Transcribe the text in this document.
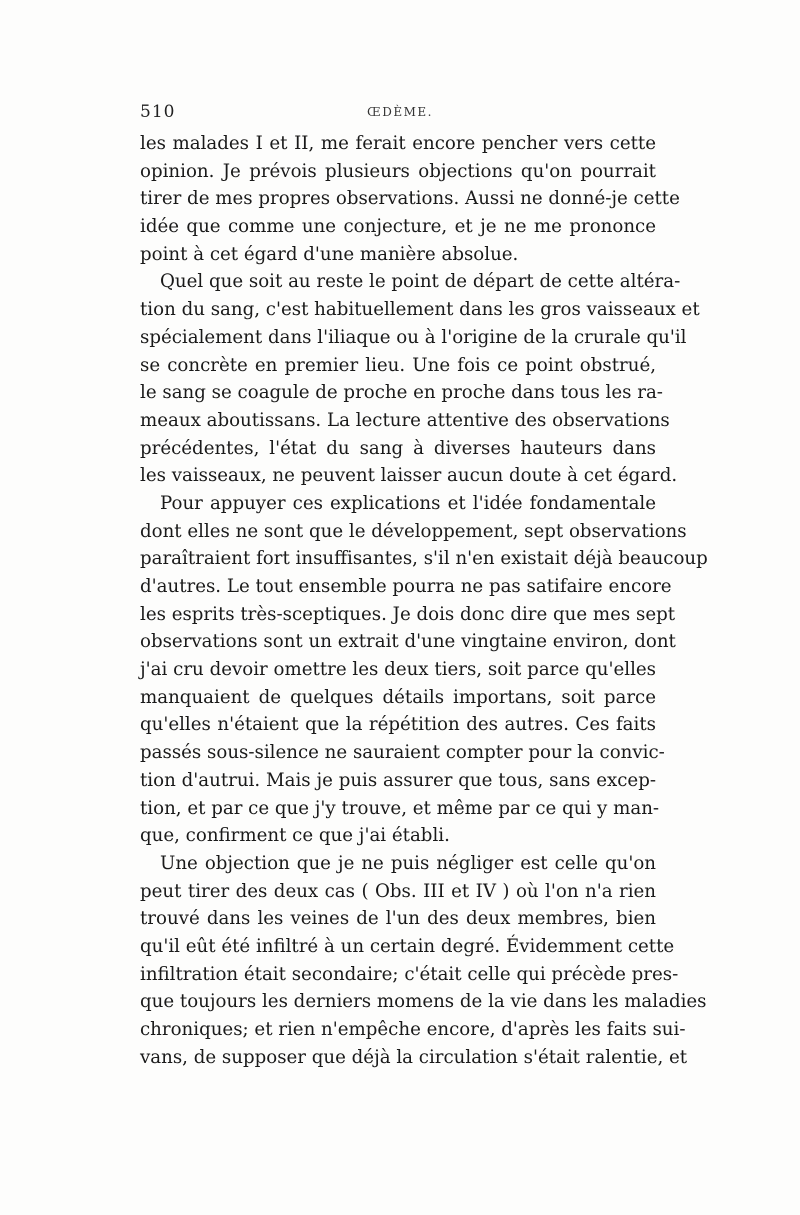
510	ŒDÈME.
les malades I et II, me ferait encore pencher vers cette
opinion. Je prévois plusieurs objections qu'on pourrait
tirer de mes propres observations. Aussi ne donné-je cette
idée que comme une conjecture, et je ne me prononce
point à cet égard d'une manière absolue.
Quel que soit au reste le point de départ de cette altéra-
tion du sang, c'est habituellement dans les gros vaisseaux et
spécialement dans l'iliaque ou à l'origine de la crurale qu'il
se concrète en premier lieu. Une fois ce point obstrué,
le sang se coagule de proche en proche dans tous les ra-
meaux aboutissans. La lecture attentive des observations
précédentes, l'état du sang à diverses hauteurs dans
les vaisseaux, ne peuvent laisser aucun doute à cet égard.
Pour appuyer ces explications et l'idée fondamentale
dont elles ne sont que le développement, sept observations
paraîtraient fort insuffisantes, s'il n'en existait déjà beaucoup
d'autres. Le tout ensemble pourra ne pas satifaire encore
les esprits très-sceptiques. Je dois donc dire que mes sept
observations sont un extrait d'une vingtaine environ, dont
j'ai cru devoir omettre les deux tiers, soit parce qu'elles
manquaient de quelques détails importans, soit parce
qu'elles n'étaient que la répétition des autres. Ces faits
passés sous-silence ne sauraient compter pour la convic-
tion d'autrui. Mais je puis assurer que tous, sans excep-
tion, et par ce que j'y trouve, et même par ce qui y man-
que, confirment ce que j'ai établi.
Une objection que je ne puis négliger est celle qu'on
peut tirer des deux cas ( Obs. III et IV ) où l'on n'a rien
trouvé dans les veines de l'un des deux membres, bien
qu'il eût été infiltré à un certain degré. Évidemment cette
infiltration était secondaire; c'était celle qui précède pres-
que toujours les derniers momens de la vie dans les maladies
chroniques; et rien n'empêche encore, d'après les faits sui-
vans, de supposer que déjà la circulation s'était ralentie, et
